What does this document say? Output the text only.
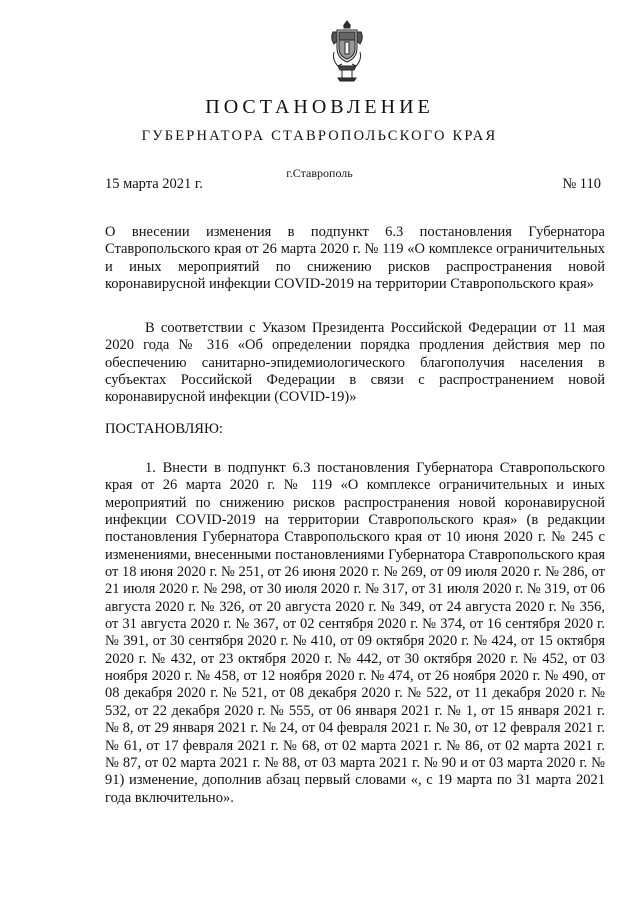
ПОСТАНОВЛЕНИЕ
ГУБЕРНАТОРА СТАВРОПОЛЬСКОГО КРАЯ
г.Ставрополь
15 марта 2021 г.	№ 110
О внесении изменения в подпункт 6.3 постановления Губернатора Ставропольского края от 26 марта 2020 г. № 119 «О комплексе ограничительных и иных мероприятий по снижению рисков распространения новой коронавирусной инфекции COVID-2019 на территории Ставропольского края»
В соответствии с Указом Президента Российской Федерации от 11 мая 2020 года № 316 «Об определении порядка продления действия мер по обеспечению санитарно-эпидемиологического благополучия населения в субъектах Российской Федерации в связи с распространением новой коронавирусной инфекции (COVID-19)»
ПОСТАНОВЛЯЮ:
1. Внести в подпункт 6.3 постановления Губернатора Ставропольского края от 26 марта 2020 г. № 119 «О комплексе ограничительных и иных мероприятий по снижению рисков распространения новой коронавирусной инфекции COVID-2019 на территории Ставропольского края» (в редакции постановления Губернатора Ставропольского края от 10 июня 2020 г. № 245 с изменениями, внесенными постановлениями Губернатора Ставропольского края от 18 июня 2020 г. № 251, от 26 июня 2020 г. № 269, от 09 июля 2020 г. № 286, от 21 июля 2020 г. № 298, от 30 июля 2020 г. № 317, от 31 июля 2020 г. № 319, от 06 августа 2020 г. № 326, от 20 августа 2020 г. № 349, от 24 августа 2020 г. № 356, от 31 августа 2020 г. № 367, от 02 сентября 2020 г. № 374, от 16 сентября 2020 г. № 391, от 30 сентября 2020 г. № 410, от 09 октября 2020 г. № 424, от 15 октября 2020 г. № 432, от 23 октября 2020 г. № 442, от 30 октября 2020 г. № 452, от 03 ноября 2020 г. № 458, от 12 ноября 2020 г. № 474, от 26 ноября 2020 г. № 490, от 08 декабря 2020 г. № 521, от 08 декабря 2020 г. № 522, от 11 декабря 2020 г. № 532, от 22 декабря 2020 г. № 555, от 06 января 2021 г. № 1, от 15 января 2021 г. № 8, от 29 января 2021 г. № 24, от 04 февраля 2021 г. № 30, от 12 февраля 2021 г. № 61, от 17 февраля 2021 г. № 68, от 02 марта 2021 г. № 86, от 02 марта 2021 г. № 87, от 02 марта 2021 г. № 88, от 03 марта 2021 г. № 90 и от 03 марта 2020 г. № 91) изменение, дополнив абзац первый словами «, с 19 марта по 31 марта 2021 года включительно».
